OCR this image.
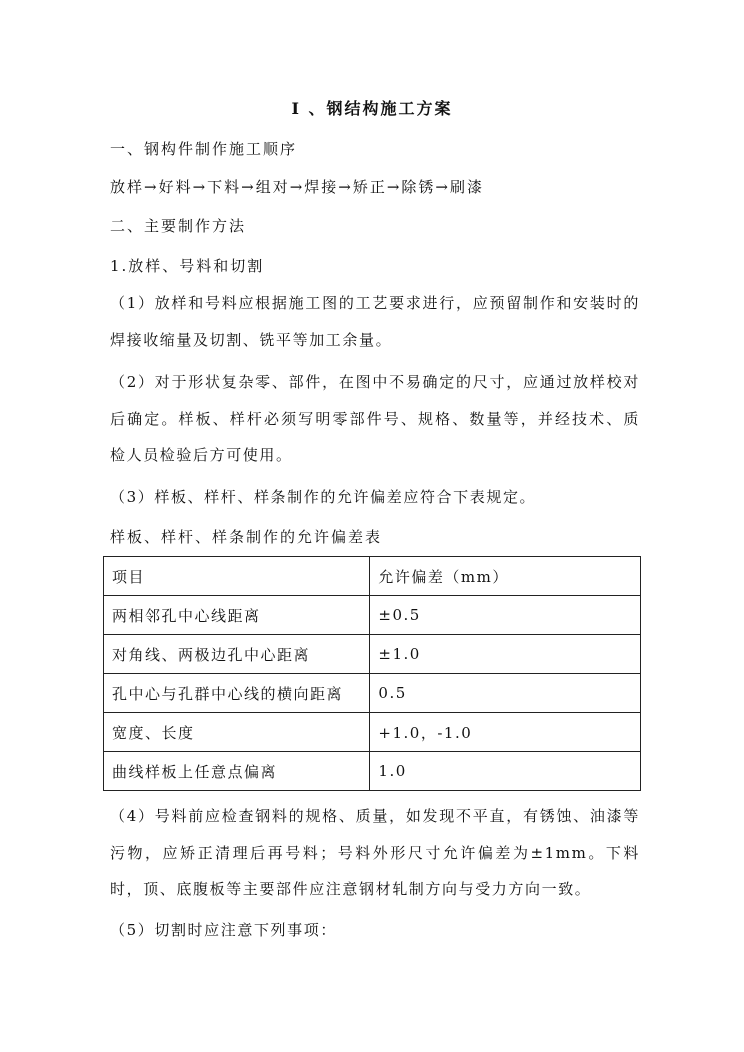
I 、钢结构施工方案
一、钢构件制作施工顺序
放样→好料→下料→组对→焊接→矫正→除锈→刷漆
二、主要制作方法
1.放样、号料和切割
（1）放样和号料应根据施工图的工艺要求进行，应预留制作和安装时的焊接收缩量及切割、铣平等加工余量。
（2）对于形状复杂零、部件，在图中不易确定的尺寸，应通过放样校对后确定。样板、样杆必须写明零部件号、规格、数量等，并经技术、质检人员检验后方可使用。
（3）样板、样杆、样条制作的允许偏差应符合下表规定。
样板、样杆、样条制作的允许偏差表
项目	允许偏差（mm）
两相邻孔中心线距离	±0.5
对角线、两极边孔中心距离	±1.0
孔中心与孔群中心线的横向距离	0.5
宽度、长度	+1.0，-1.0
曲线样板上任意点偏离	1.0
（4）号料前应检查钢料的规格、质量，如发现不平直，有锈蚀、油漆等污物，应矫正清理后再号料；号料外形尺寸允许偏差为±1mm。下料时，顶、底腹板等主要部件应注意钢材轧制方向与受力方向一致。
（5）切割时应注意下列事项：
